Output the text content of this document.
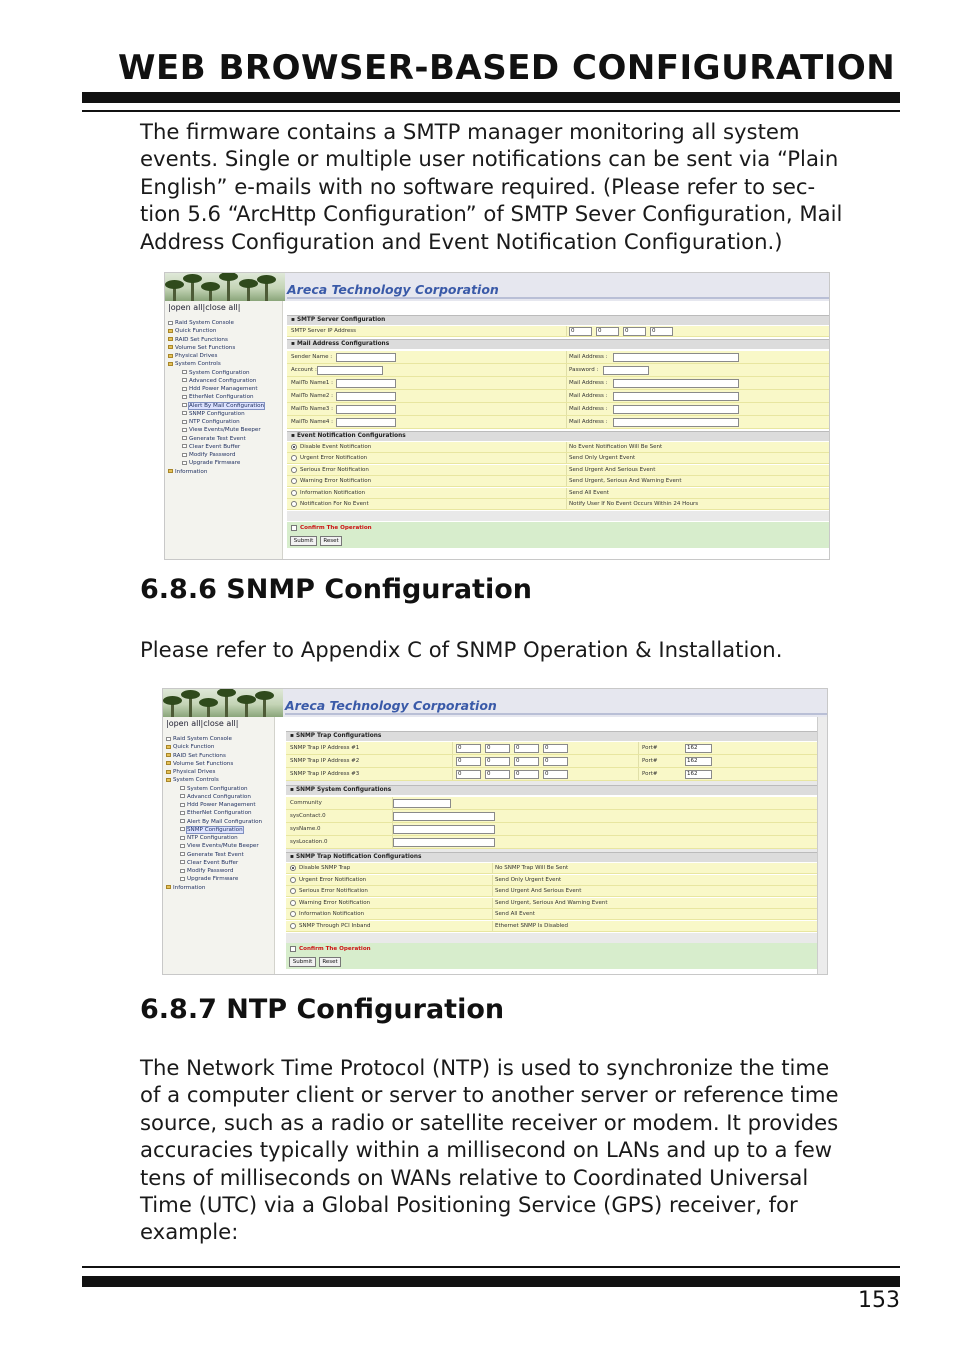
WEB BROWSER-BASED CONFIGURATION
The firmware contains a SMTP manager monitoring all system
events. Single or multiple user notifications can be sent via “Plain
English” e-mails with no software required. (Please refer to sec-
tion 5.6 “ArcHttp Configuration” of SMTP Sever Configuration, Mail
Address Configuration and Event Notification Configuration.)
Areca Technology Corporation
|open all|close all|
Raid System Console
Quick Function
RAID Set Functions
Volume Set Functions
Physical Drives
System Controls
System Configuration
Advanced Configuration
Hdd Power Management
EtherNet Configuration
Alert By Mail Configuration
SNMP Configuration
NTP Configuration
View Events/Mute Beeper
Generate Test Event
Clear Event Buffer
Modify Password
Upgrade Firmware
Information
▪ SMTP Server Configuration
SMTP Server IP Address	0	0	0	0
▪ Mail Address Configurations
Sender Name :	Mail Address :
Account :	Password :
MailTo Name1 :	Mail Address :
MailTo Name2 :	Mail Address :
MailTo Name3 :	Mail Address :
MailTo Name4 :	Mail Address :
▪ Event Notification Configurations
Disable Event Notification	No Event Notification Will Be Sent
Urgent Error Notification	Send Only Urgent Event
Serious Error Notification	Send Urgent And Serious Event
Warning Error Notification	Send Urgent, Serious And Warning Event
Information Notification	Send All Event
Notification For No Event	Notify User If No Event Occurs Within 24 Hours
Confirm The Operation
Submit	Reset
6.8.6 SNMP Configuration
Please refer to Appendix C of SNMP Operation & Installation.
Areca Technology Corporation
|open all|close all|
Raid System Console
Quick Function
RAID Set Functions
Volume Set Functions
Physical Drives
System Controls
System Configuration
Advancd Configuration
Hdd Power Management
EtherNet Configuration
Alert By Mail Configuration
SNMP Configuration
NTP Configuration
View Events/Mute Beeper
Generate Test Event
Clear Event Buffer
Modify Password
Upgrade Firmware
Information
▪ SNMP Trap Configurations
SNMP Trap IP Address #1	0	0	0	0	Port#	162
SNMP Trap IP Address #2	0	0	0	0	Port#	162
SNMP Trap IP Address #3	0	0	0	0	Port#	162
▪ SNMP System Configurations
Community
sysContact.0
sysName.0
sysLocation.0
▪ SNMP Trap Notification Configurations
Disable SNMP Trap	No SNMP Trap Will Be Sent
Urgent Error Notification	Send Only Urgent Event
Serious Error Notification	Send Urgent And Serious Event
Warning Error Notification	Send Urgent, Serious And Warning Event
Information Notification	Send All Event
SNMP Through PCI Inband	Ethernet SNMP Is Disabled
Confirm The Operation
Submit	Reset
6.8.7 NTP Configuration
The Network Time Protocol (NTP) is used to synchronize the time
of a computer client or server to another server or reference time
source, such as a radio or satellite receiver or modem. It provides
accuracies typically within a millisecond on LANs and up to a few
tens of milliseconds on WANs relative to Coordinated Universal
Time (UTC) via a Global Positioning Service (GPS) receiver, for
example:
153
